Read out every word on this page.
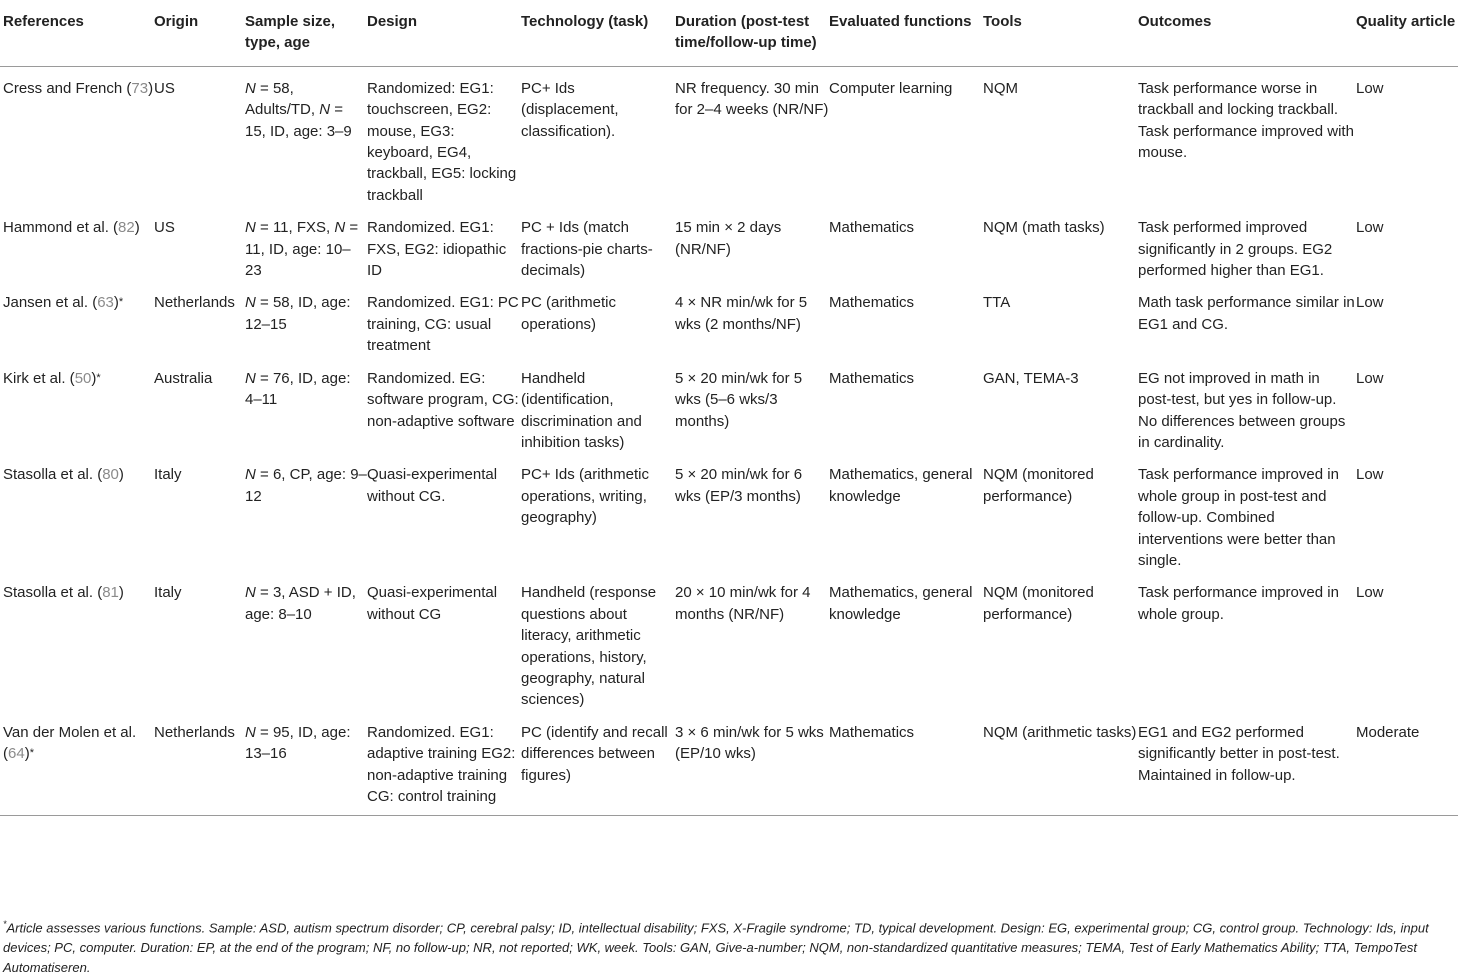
References	Origin	Sample size, type, age	Design	Technology (task)	Duration (post-test time/follow-up time)	Evaluated functions	Tools	Outcomes	Quality article
Cress and French (73)	US	N = 58, Adults/TD, N = 15, ID, age: 3–9	Randomized: EG1: touchscreen, EG2: mouse, EG3: keyboard, EG4, trackball, EG5: locking trackball	PC+ Ids (displacement, classification).	NR frequency. 30 min for 2–4 weeks (NR/NF)	Computer learning	NQM	Task performance worse in trackball and locking trackball. Task performance improved with mouse.	Low
Hammond et al. (82)	US	N = 11, FXS, N = 11, ID, age: 10–23	Randomized. EG1: FXS, EG2: idiopathic ID	PC + Ids (match fractions-pie charts-decimals)	15 min × 2 days (NR/NF)	Mathematics	NQM (math tasks)	Task performed improved significantly in 2 groups. EG2 performed higher than EG1.	Low
Jansen et al. (63)*	Netherlands	N = 58, ID, age: 12–15	Randomized. EG1: PC training, CG: usual treatment	PC (arithmetic operations)	4 × NR min/wk for 5 wks (2 months/NF)	Mathematics	TTA	Math task performance similar in EG1 and CG.	Low
Kirk et al. (50)*	Australia	N = 76, ID, age: 4–11	Randomized. EG: software program, CG: non-adaptive software	Handheld (identification, discrimination and inhibition tasks)	5 × 20 min/wk for 5 wks (5–6 wks/3 months)	Mathematics	GAN, TEMA-3	EG not improved in math in post-test, but yes in follow-up. No differences between groups in cardinality.	Low
Stasolla et al. (80)	Italy	N = 6, CP, age: 9–12	Quasi-experimental without CG.	PC+ Ids (arithmetic operations, writing, geography)	5 × 20 min/wk for 6 wks (EP/3 months)	Mathematics, general knowledge	NQM (monitored performance)	Task performance improved in whole group in post-test and follow-up. Combined interventions were better than single.	Low
Stasolla et al. (81)	Italy	N = 3, ASD + ID, age: 8–10	Quasi-experimental without CG	Handheld (response questions about literacy, arithmetic operations, history, geography, natural sciences)	20 × 10 min/wk for 4 months (NR/NF)	Mathematics, general knowledge	NQM (monitored performance)	Task performance improved in whole group.	Low
Van der Molen et al. (64)*	Netherlands	N = 95, ID, age: 13–16	Randomized. EG1: adaptive training EG2: non-adaptive training CG: control training	PC (identify and recall differences between figures)	3 × 6 min/wk for 5 wks (EP/10 wks)	Mathematics	NQM (arithmetic tasks)	EG1 and EG2 performed significantly better in post-test. Maintained in follow-up.	Moderate

*Article assesses various functions. Sample: ASD, autism spectrum disorder; CP, cerebral palsy; ID, intellectual disability; FXS, X-Fragile syndrome; TD, typical development. Design: EG, experimental group; CG, control group. Technology: Ids, input devices; PC, computer. Duration: EP, at the end of the program; NF, no follow-up; NR, not reported; WK, week. Tools: GAN, Give-a-number; NQM, non-standardized quantitative measures; TEMA, Test of Early Mathematics Ability; TTA, TempoTest Automatiseren.
